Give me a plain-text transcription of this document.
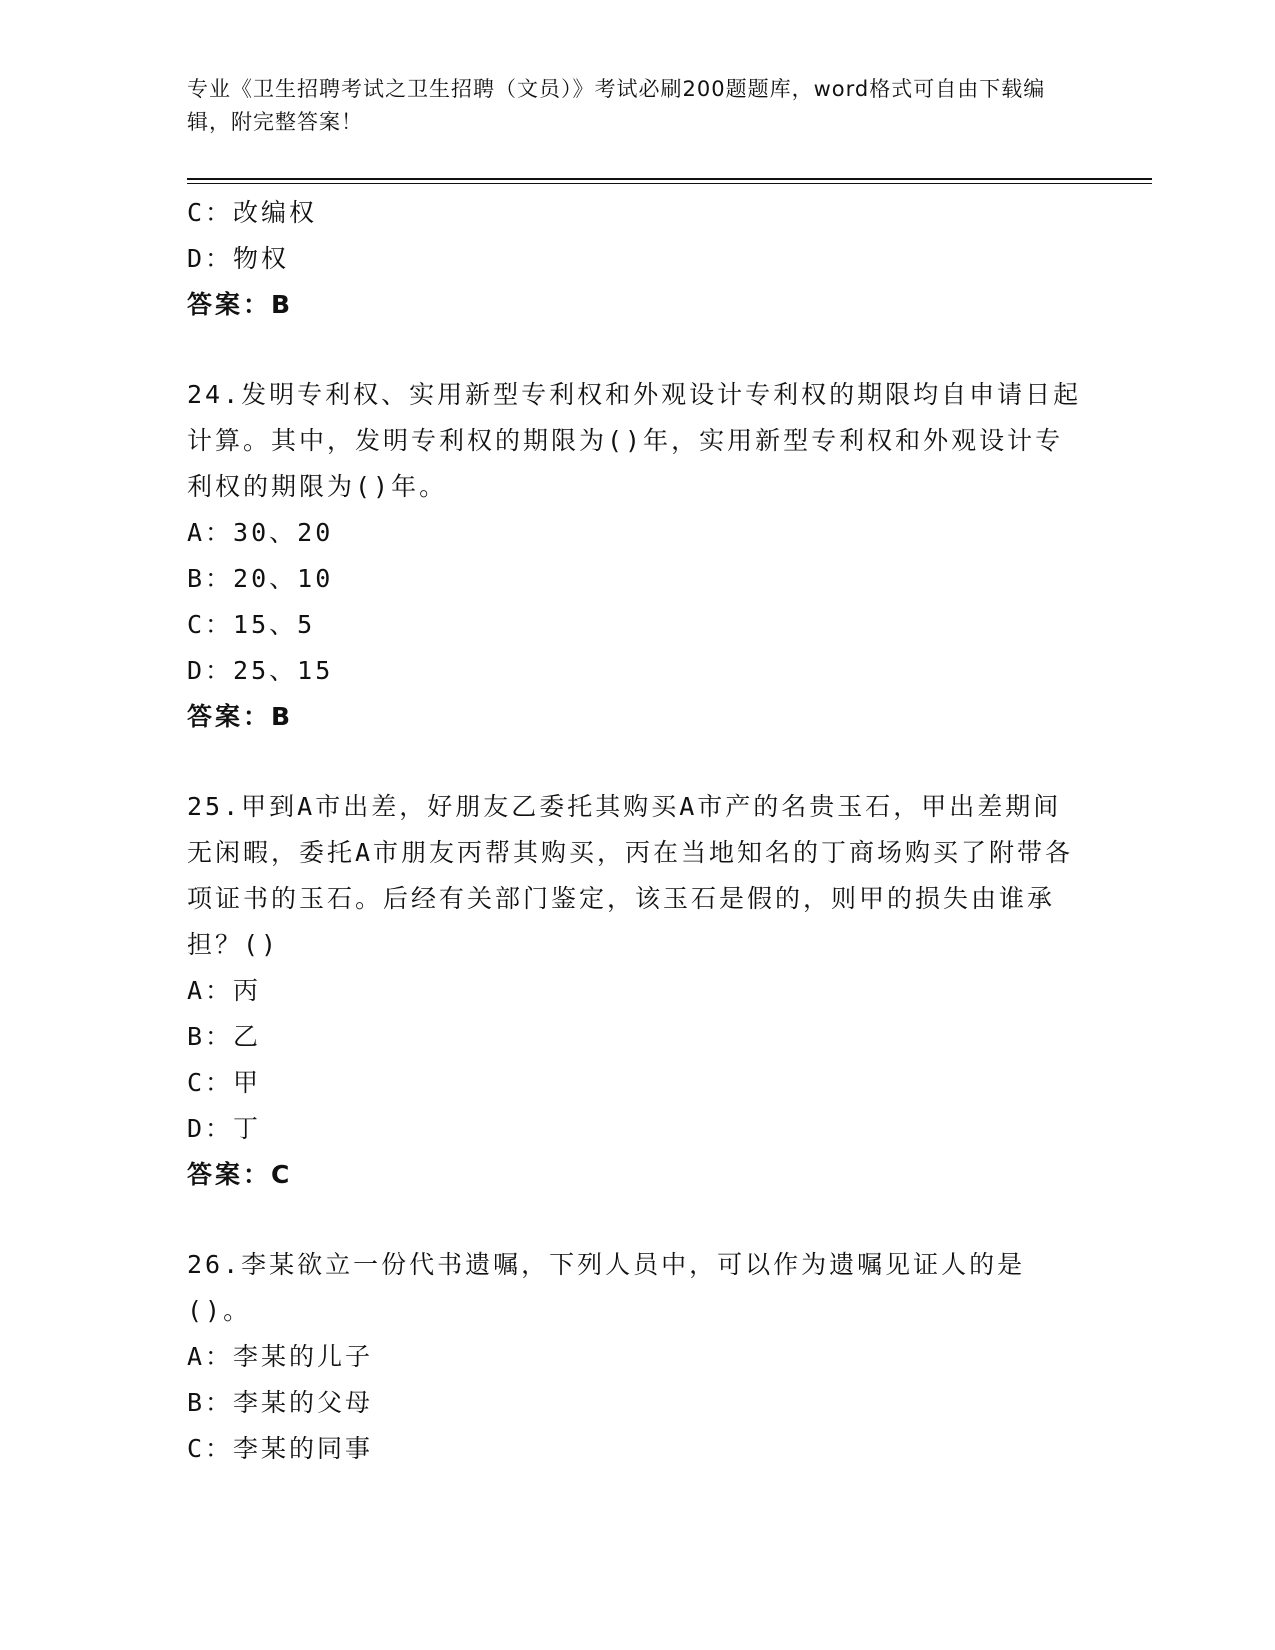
专业《卫生招聘考试之卫生招聘（文员）》考试必刷200题题库，word格式可自由下载编辑，附完整答案！
C：改编权
D：物权
答案：B

24.发明专利权、实用新型专利权和外观设计专利权的期限均自申请日起计算。其中，发明专利权的期限为()年，实用新型专利权和外观设计专利权的期限为()年。

A：30、20
B：20、10
C：15、5
D：25、15
答案：B

25.甲到A市出差，好朋友乙委托其购买A市产的名贵玉石，甲出差期间无闲暇，委托A市朋友丙帮其购买，丙在当地知名的丁商场购买了附带各项证书的玉石。后经有关部门鉴定，该玉石是假的，则甲的损失由谁承担？()

A：丙
B：乙
C：甲
D：丁
答案：C

26.李某欲立一份代书遗嘱，下列人员中，可以作为遗嘱见证人的是()。

A：李某的儿子
B：李某的父母
C：李某的同事
